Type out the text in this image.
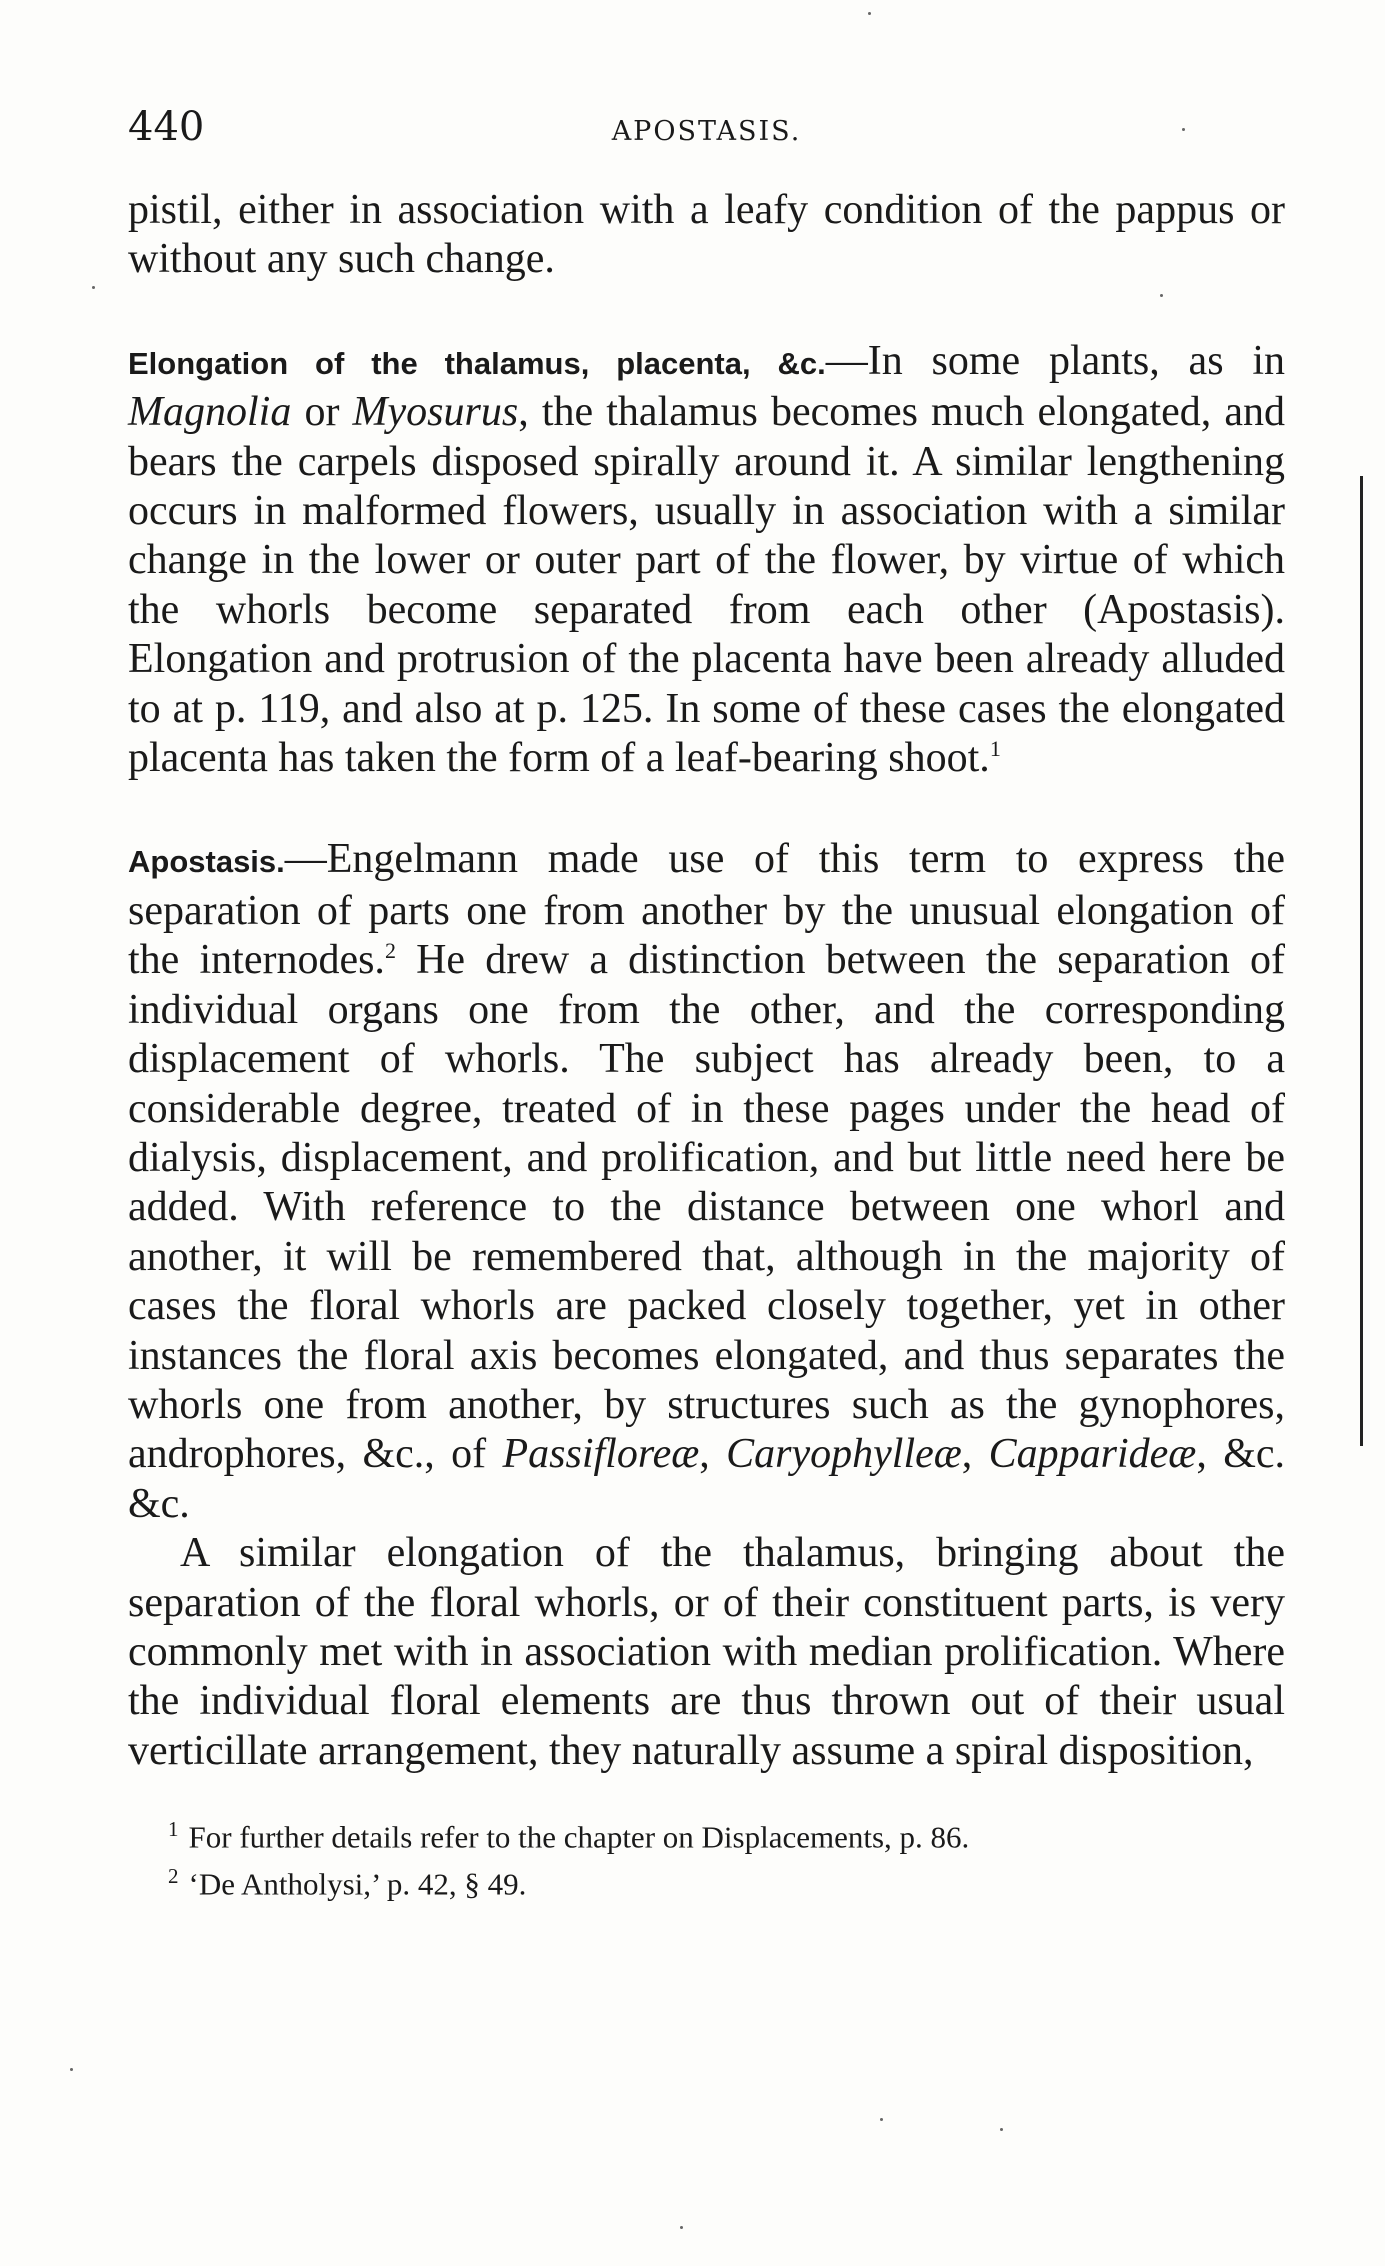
440	APOSTASIS.

pistil, either in association with a leafy condition of the pappus or without any such change.

Elongation of the thalamus, placenta, &c.—In some plants, as in Magnolia or Myosurus, the thalamus becomes much elongated, and bears the carpels disposed spirally around it. A similar lengthening occurs in malformed flowers, usually in association with a similar change in the lower or outer part of the flower, by virtue of which the whorls become separated from each other (Apostasis). Elongation and protrusion of the placenta have been already alluded to at p. 119, and also at p. 125. In some of these cases the elongated placenta has taken the form of a leaf-bearing shoot.$^1$

Apostasis.—Engelmann made use of this term to express the separation of parts one from another by the unusual elongation of the internodes.$^2$ He drew a distinction between the separation of individual organs one from the other, and the corresponding displacement of whorls. The subject has already been, to a considerable degree, treated of in these pages under the head of dialysis, displacement, and prolification, and but little need here be added. With reference to the distance between one whorl and another, it will be remembered that, although in the majority of cases the floral whorls are packed closely together, yet in other instances the floral axis becomes elongated, and thus separates the whorls one from another, by structures such as the gynophores, androphores, &c., of Passifloreæ, Caryophylleæ, Capparideæ, &c. &c.

A similar elongation of the thalamus, bringing about the separation of the floral whorls, or of their constituent parts, is very commonly met with in association with median prolification. Where the individual floral elements are thus thrown out of their usual verticillate arrangement, they naturally assume a spiral disposition,

$^1$ For further details refer to the chapter on Displacements, p. 86.
$^2$ ‘De Antholysi,’ p. 42, § 49.
